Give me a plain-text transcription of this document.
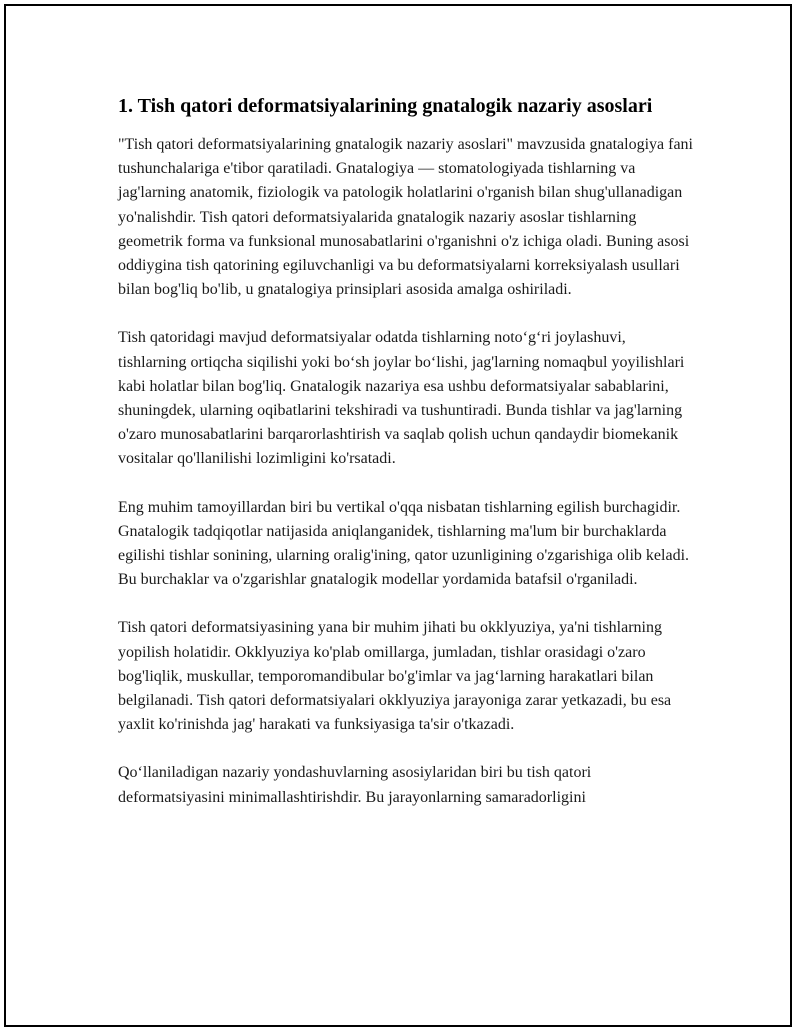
1. Tish qatori deformatsiyalarining gnatalogik nazariy asoslari

"Tish qatori deformatsiyalarining gnatalogik nazariy asoslari" mavzusida gnatalogiya fani tushunchalariga e'tibor qaratiladi. Gnatalogiya — stomatologiyada tishlarning va jag'larning anatomik, fiziologik va patologik holatlarini o'rganish bilan shug'ullanadigan yo'nalishdir. Tish qatori deformatsiyalarida gnatalogik nazariy asoslar tishlarning geometrik forma va funksional munosabatlarini o'rganishni o'z ichiga oladi. Buning asosi oddiygina tish qatorining egiluvchanligi va bu deformatsiyalarni korreksiyalash usullari bilan bog'liq bo'lib, u gnatalogiya prinsiplari asosida amalga oshiriladi.

Tish qatoridagi mavjud deformatsiyalar odatda tishlarning noto‘g‘ri joylashuvi, tishlarning ortiqcha siqilishi yoki bo‘sh joylar bo‘lishi, jag'larning nomaqbul yoyilishlari kabi holatlar bilan bog'liq. Gnatalogik nazariya esa ushbu deformatsiyalar sabablarini, shuningdek, ularning oqibatlarini tekshiradi va tushuntiradi. Bunda tishlar va jag'larning o'zaro munosabatlarini barqarorlashtirish va saqlab qolish uchun qandaydir biomekanik vositalar qo'llanilishi lozimligini ko'rsatadi.

Eng muhim tamoyillardan biri bu vertikal o'qqa nisbatan tishlarning egilish burchagidir. Gnatalogik tadqiqotlar natijasida aniqlanganidek, tishlarning ma'lum bir burchaklarda egilishi tishlar sonining, ularning oralig'ining, qator uzunligining o'zgarishiga olib keladi. Bu burchaklar va o'zgarishlar gnatalogik modellar yordamida batafsil o'rganiladi.

Tish qatori deformatsiyasining yana bir muhim jihati bu okklyuziya, ya'ni tishlarning yopilish holatidir. Okklyuziya ko'plab omillarga, jumladan, tishlar orasidagi o'zaro bog'liqlik, muskullar, temporomandibular bo'g'imlar va jag‘larning harakatlari bilan belgilanadi. Tish qatori deformatsiyalari okklyuziya jarayoniga zarar yetkazadi, bu esa yaxlit ko'rinishda jag' harakati va funksiyasiga ta'sir o'tkazadi.

Qo‘llaniladigan nazariy yondashuvlarning asosiylaridan biri bu tish qatori deformatsiyasini minimallashtirishdir. Bu jarayonlarning samaradorligini
